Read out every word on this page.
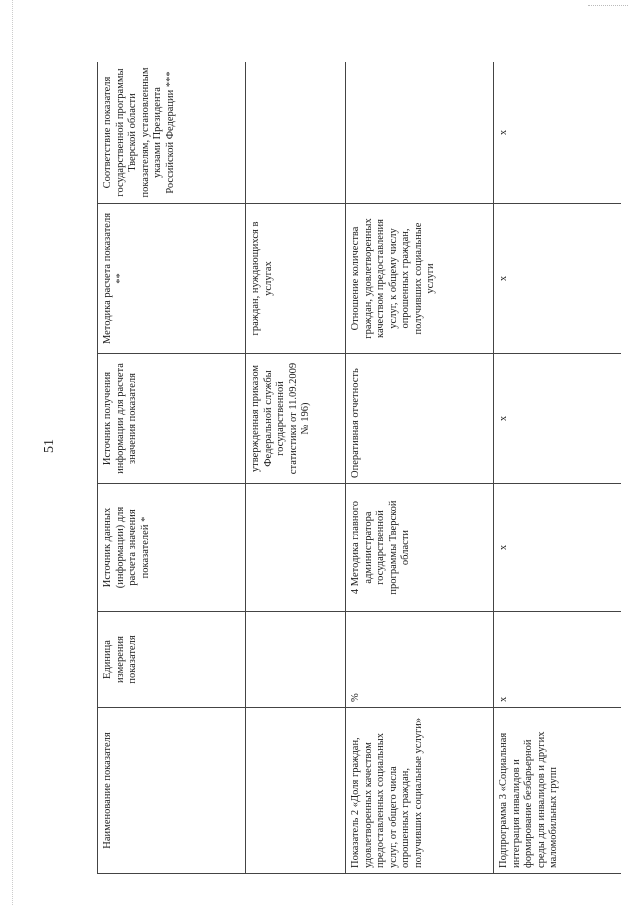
51
Наименование показателя	Единица измерения показателя	Источник данных (информации) для расчета значения показателей *	Источник получения информации для расчета значения показателя	Методика расчета показателя **	Соответствие показателя государственной программы Тверской области показателям, установленным указами Президента Российской Федерации ***
			утвержденная приказом Федеральной службы государственной статистики от 11.09.2009 № 196)	граждан, нуждающихся в услугах	
Показатель 2 «Доля граждан, удовлетворенных качеством предоставленных социальных услуг, от общего числа опрошенных граждан, получивших социальные услуги»	%	4 Методика главного администратора государственной программы Тверской области	Оперативная отчетность	Отношение количества граждан, удовлетворенных качеством предоставления услуг, к общему числу опрошенных граждан, получивших социальные услуги	
Подпрограмма 3 «Социальная интеграция инвалидов и формирование безбарьерной среды для инвалидов и других маломобильных групп	х	х	х	х	х
